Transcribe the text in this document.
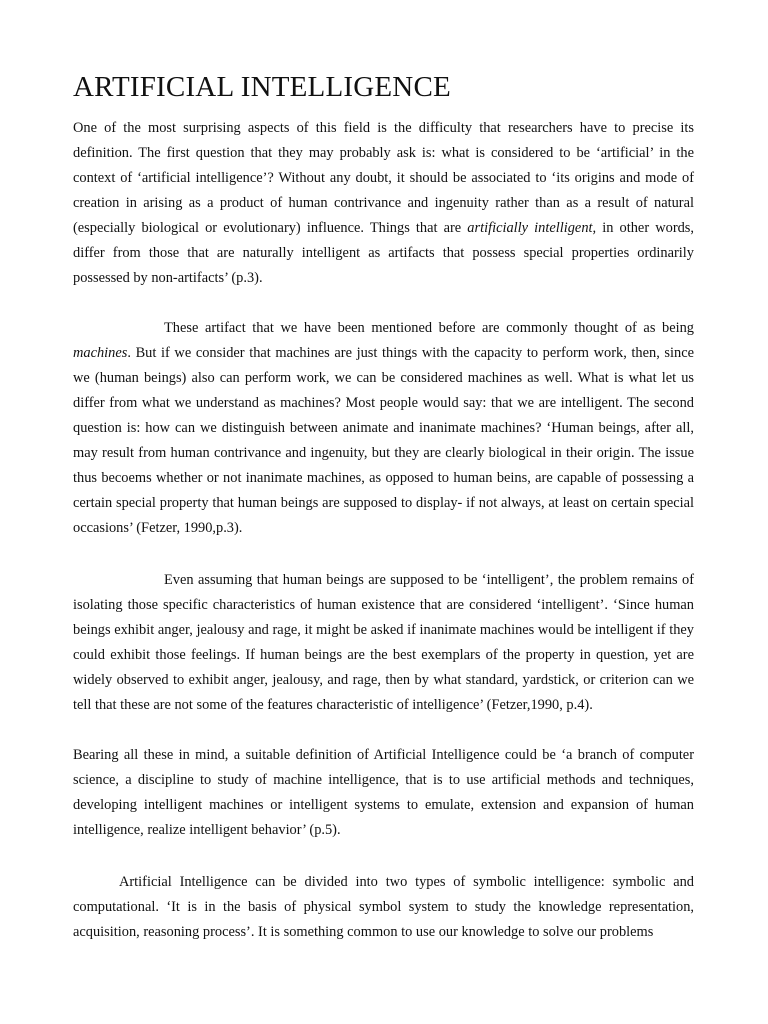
ARTIFICIAL INTELLIGENCE

One of the most surprising aspects of this field is the difficulty that researchers have to precise its definition. The first question that they may probably ask is: what is considered to be ‘artificial’ in the context of ‘artificial intelligence’? Without any doubt, it should be associated to ‘its origins and mode of creation in arising as a product of human contrivance and ingenuity rather than as a result of natural (especially biological or evolutionary) influence. Things that are artificially intelligent, in other words, differ from those that are naturally intelligent as artifacts that possess special properties ordinarily possessed by non-artifacts’ (p.3).

These artifact that we have been mentioned before are commonly thought of as being machines. But if we consider that machines are just things with the capacity to perform work, then, since we (human beings) also can perform work, we can be considered machines as well. What is what let us differ from what we understand as machines? Most people would say: that we are intelligent. The second question is: how can we distinguish between animate and inanimate machines? ‘Human beings, after all, may result from human contrivance and ingenuity, but they are clearly biological in their origin. The issue thus becoems whether or not inanimate machines, as opposed to human beins, are capable of possessing a certain special property that human beings are supposed to display- if not always, at least on certain special occasions’ (Fetzer, 1990,p.3).

Even assuming that human beings are supposed to be ‘intelligent’, the problem remains of isolating those specific characteristics of human existence that are considered ‘intelligent’. ‘Since human beings exhibit anger, jealousy and rage, it might be asked if inanimate machines would be intelligent if they could exhibit those feelings. If human beings are the best exemplars of the property in question, yet are widely observed to exhibit anger, jealousy, and rage, then by what standard, yardstick, or criterion can we tell that these are not some of the features characteristic of intelligence’ (Fetzer,1990, p.4).

Bearing all these in mind, a suitable definition of Artificial Intelligence could be ‘a branch of computer science, a discipline to study of machine intelligence, that is to use artificial methods and techniques, developing intelligent machines or intelligent systems to emulate, extension and expansion of human intelligence, realize intelligent behavior’ (p.5).

Artificial Intelligence can be divided into two types of symbolic intelligence: symbolic and computational. ‘It is in the basis of physical symbol system to study the knowledge representation, acquisition, reasoning process’. It is something common to use our knowledge to solve our problems
